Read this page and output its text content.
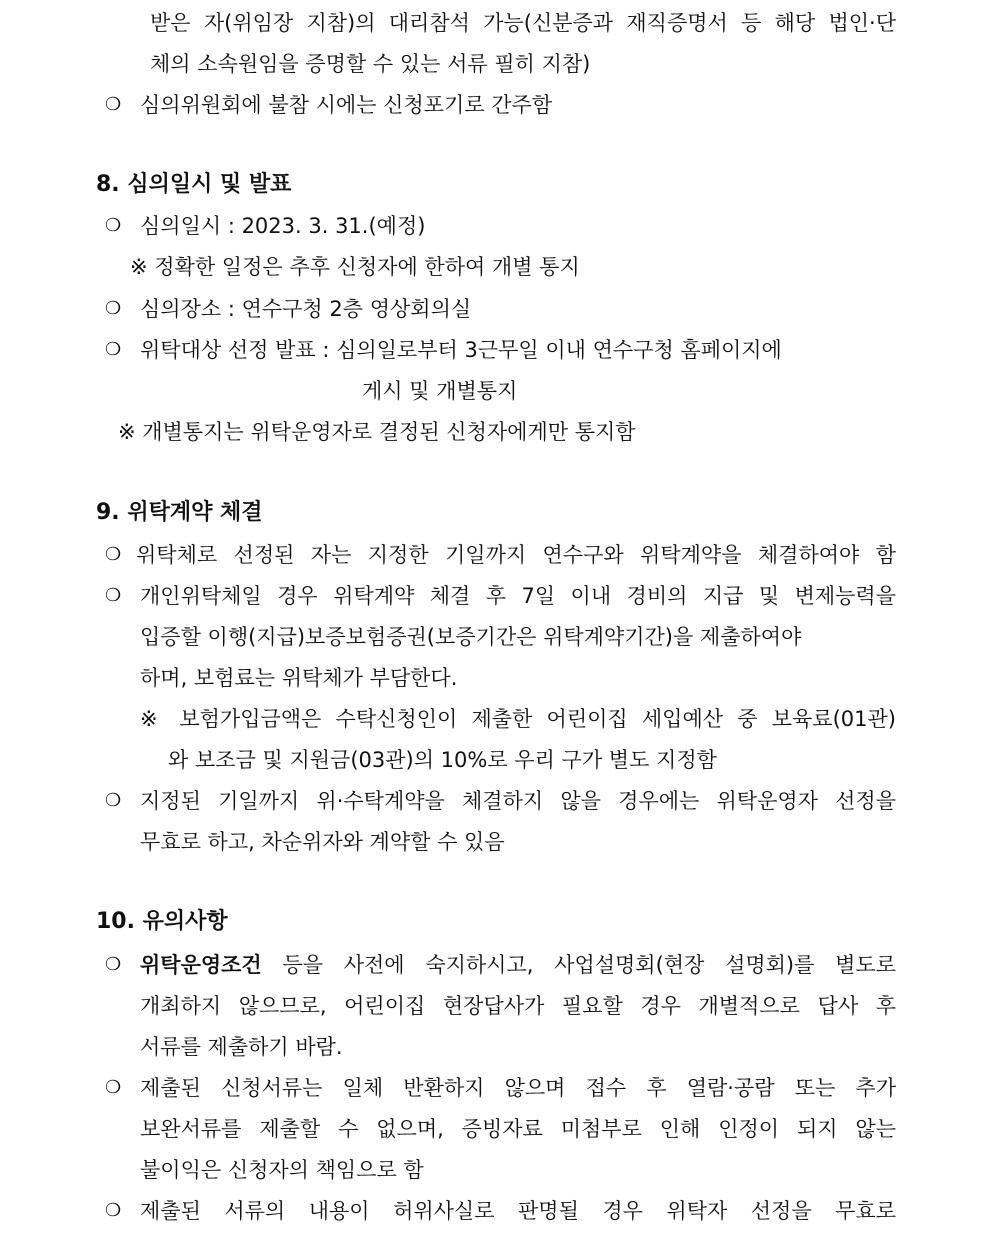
받은 자(위임장 지참)의 대리참석 가능(신분증과 재직증명서 등 해당 법인·단
체의 소속원임을 증명할 수 있는 서류 필히 지참)
❍ 심의위원회에 불참 시에는 신청포기로 간주함
8. 심의일시 및 발표
❍ 심의일시 : 2023. 3. 31.(예정)
※ 정확한 일정은 추후 신청자에 한하여 개별 통지
❍ 심의장소 : 연수구청 2층 영상회의실
❍ 위탁대상 선정 발표 : 심의일로부터 3근무일 이내 연수구청 홈페이지에
게시 및 개별통지
※ 개별통지는 위탁운영자로 결정된 신청자에게만 통지함
9. 위탁계약 체결
❍ 위탁체로 선정된 자는 지정한 기일까지 연수구와 위탁계약을 체결하여야 함
❍ 개인위탁체일 경우 위탁계약 체결 후 7일 이내 경비의 지급 및 변제능력을
입증할 이행(지급)보증보험증권(보증기간은 위탁계약기간)을 제출하여야
하며, 보험료는 위탁체가 부담한다.
※ 보험가입금액은 수탁신청인이 제출한 어린이집 세입예산 중 보육료(01관)
와 보조금 및 지원금(03관)의 10%로 우리 구가 별도 지정함
❍ 지정된 기일까지 위·수탁계약을 체결하지 않을 경우에는 위탁운영자 선정을
무효로 하고, 차순위자와 계약할 수 있음
10. 유의사항
❍ 위탁운영조건 등을 사전에 숙지하시고, 사업설명회(현장 설명회)를 별도로
개최하지 않으므로, 어린이집 현장답사가 필요할 경우 개별적으로 답사 후
서류를 제출하기 바람.
❍ 제출된 신청서류는 일체 반환하지 않으며 접수 후 열람·공람 또는 추가
보완서류를 제출할 수 없으며, 증빙자료 미첨부로 인해 인정이 되지 않는
불이익은 신청자의 책임으로 함
❍ 제출된 서류의 내용이 허위사실로 판명될 경우 위탁자 선정을 무효로
